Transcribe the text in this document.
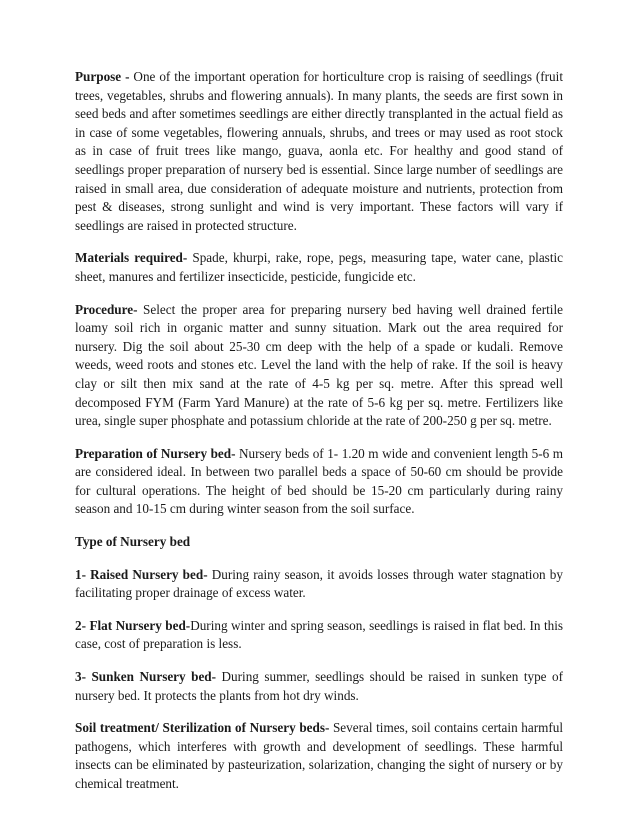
Purpose - One of the important operation for horticulture crop is raising of seedlings (fruit trees, vegetables, shrubs and flowering annuals). In many plants, the seeds are first sown in seed beds and after sometimes seedlings are either directly transplanted in the actual field as in case of some vegetables, flowering annuals, shrubs, and trees or may used as root stock as in case of fruit trees like mango, guava, aonla etc. For healthy and good stand of seedlings proper preparation of nursery bed is essential. Since large number of seedlings are raised in small area, due consideration of adequate moisture and nutrients, protection from pest & diseases, strong sunlight and wind is very important. These factors will vary if seedlings are raised in protected structure.

Materials required- Spade, khurpi, rake, rope, pegs, measuring tape, water cane, plastic sheet, manures and fertilizer insecticide, pesticide, fungicide etc.

Procedure- Select the proper area for preparing nursery bed having well drained fertile loamy soil rich in organic matter and sunny situation. Mark out the area required for nursery. Dig the soil about 25-30 cm deep with the help of a spade or kudali. Remove weeds, weed roots and stones etc. Level the land with the help of rake. If the soil is heavy clay or silt then mix sand at the rate of 4-5 kg per sq. metre. After this spread well decomposed FYM (Farm Yard Manure) at the rate of 5-6 kg per sq. metre. Fertilizers like urea, single super phosphate and potassium chloride at the rate of 200-250 g per sq. metre.

Preparation of Nursery bed- Nursery beds of 1- 1.20 m wide and convenient length 5-6 m are considered ideal. In between two parallel beds a space of 50-60 cm should be provide for cultural operations. The height of bed should be 15-20 cm particularly during rainy season and 10-15 cm during winter season from the soil surface.

Type of Nursery bed

1- Raised Nursery bed- During rainy season, it avoids losses through water stagnation by facilitating proper drainage of excess water.

2- Flat Nursery bed-During winter and spring season, seedlings is raised in flat bed. In this case, cost of preparation is less.

3- Sunken Nursery bed- During summer, seedlings should be raised in sunken type of nursery bed. It protects the plants from hot dry winds.

Soil treatment/ Sterilization of Nursery beds- Several times, soil contains certain harmful pathogens, which interferes with growth and development of seedlings. These harmful insects can be eliminated by pasteurization, solarization, changing the sight of nursery or by chemical treatment.
